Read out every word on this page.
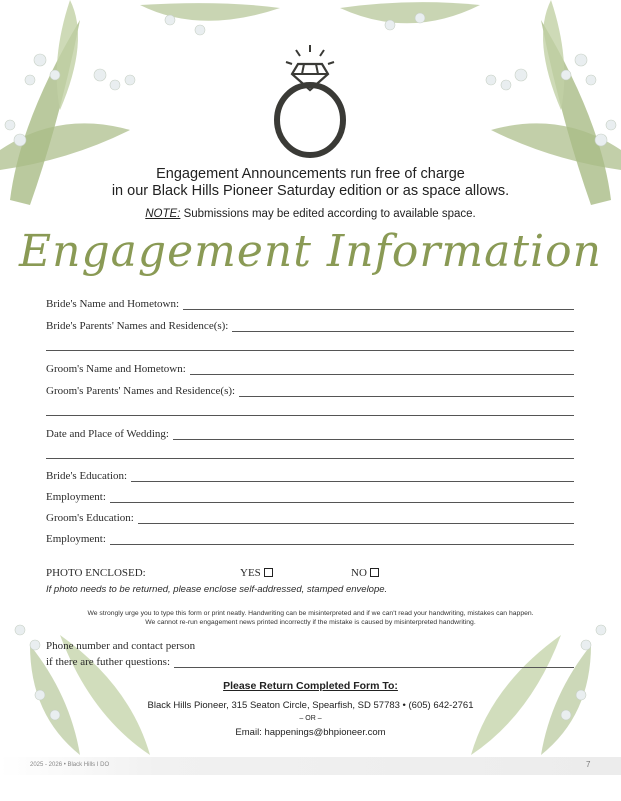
Engagement Announcements run free of charge
in our Black Hills Pioneer Saturday edition or as space allows.
NOTE: Submissions may be edited according to available space.
Engagement Information
Bride's Name and Hometown:
Bride's Parents' Names and Residence(s):
Groom's Name and Hometown:
Groom's Parents' Names and Residence(s):
Date and Place of Wedding:
Bride's Education:
Employment:
Groom's Education:
Employment:
PHOTO ENCLOSED:	YES	NO
If photo needs to be returned, please enclose self-addressed, stamped envelope.
We strongly urge you to type this form or print neatly. Handwriting can be misinterpreted and if we can't read your handwriting, mistakes can happen.
We cannot re-run engagement news printed incorrectly if the mistake is caused by misinterpreted handwriting.
Phone number and contact person
if there are futher questions:
Please Return Completed Form To:
Black Hills Pioneer, 315 Seaton Circle, Spearfish, SD 57783 • (605) 642-2761
– OR –
Email: happenings@bhpioneer.com
2025 - 2026 • Black Hills I DO	7
